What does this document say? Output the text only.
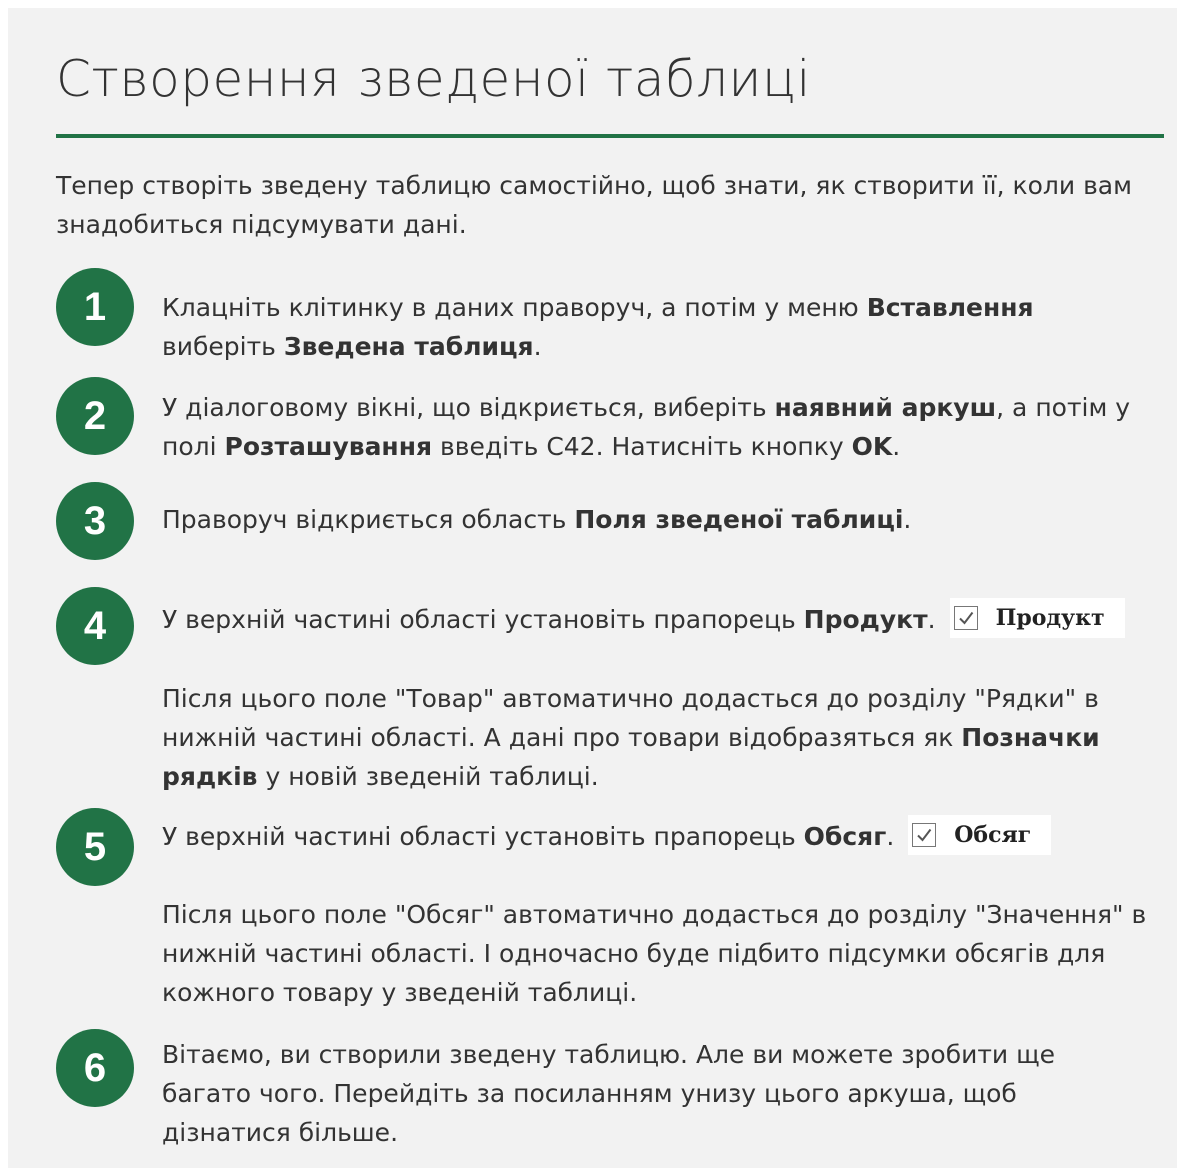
Створення зведеної таблиці
Тепер створіть зведену таблицю самостійно, щоб знати, як створити її, коли вам знадобиться підсумувати дані.
1	Клацніть клітинку в даних праворуч, а потім у меню Вставлення виберіть Зведена таблиця.
2	У діалоговому вікні, що відкриється, виберіть наявний аркуш, а потім у полі Розташування введіть C42. Натисніть кнопку OK.
3	Праворуч відкриється область Поля зведеної таблиці.
4	У верхній частині області установіть прапорець Продукт.	Продукт
Після цього поле "Товар" автоматично додасться до розділу "Рядки" в нижній частині області. А дані про товари відобразяться як Позначки рядків у новій зведеній таблиці.
5	У верхній частині області установіть прапорець Обсяг.	Обсяг
Після цього поле "Обсяг" автоматично додасться до розділу "Значення" в нижній частині області. І одночасно буде підбито підсумки обсягів для кожного товару у зведеній таблиці.
6	Вітаємо, ви створили зведену таблицю. Але ви можете зробити ще багато чого. Перейдіть за посиланням унизу цього аркуша, щоб дізнатися більше.
